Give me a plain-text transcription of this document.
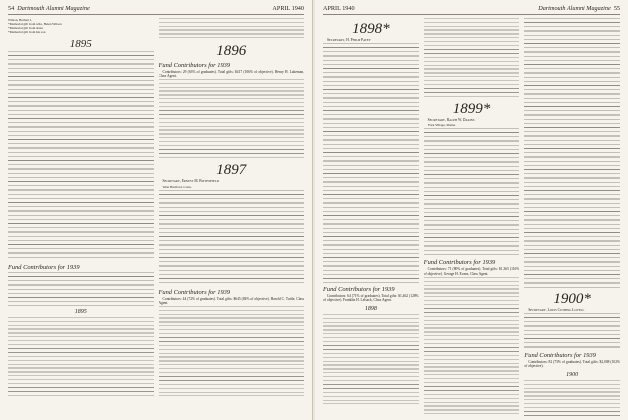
54 Dartmouth Alumni Magazine	APRIL 1940
Wilson, Herbert J.

*Memorial gift from wife, Helen Wilson

*Memorial gift from sister

*Memorial gift from his son

1895
Fund Contributors for 1939
1895
1896
Fund Contributors for 1939

Contributors: 29 (63% of graduates). Total gifts: $417 (106% of objective). Henry H. Lakeman, Class Agent.

1897

Secretary, Ernest M. Bittenfield

West Hartford, Conn.

Fund Contributors for 1939

Contributors: 44 (72% of graduates). Total gifts: $645 (84% of objective). Harold C. Tuttle, Class Agent.

APRIL 1940	Dartmouth Alumni Magazine 55
1898*

Secretary, H. Philip Patey

Fund Contributors for 1939

Contributors: 64 (71% of graduates). Total gifts: $1,462 (128% of objective). Franklin H. Lelsack, Class Agent.

1898
1899*

Secretary, Ralph W. Dakins

York Village, Maine

Fund Contributors for 1939

Contributors: 71 (80% of graduates). Total gifts: $1,365 (116% of objective). George H. Evans, Class Agent.

1900*

Secretary, Louis Cushing Lovell

Fund Contributors for 1939

Contributors: 82 (73% of graduates). Total gifts: $2,008 (102% of objective).

1900
